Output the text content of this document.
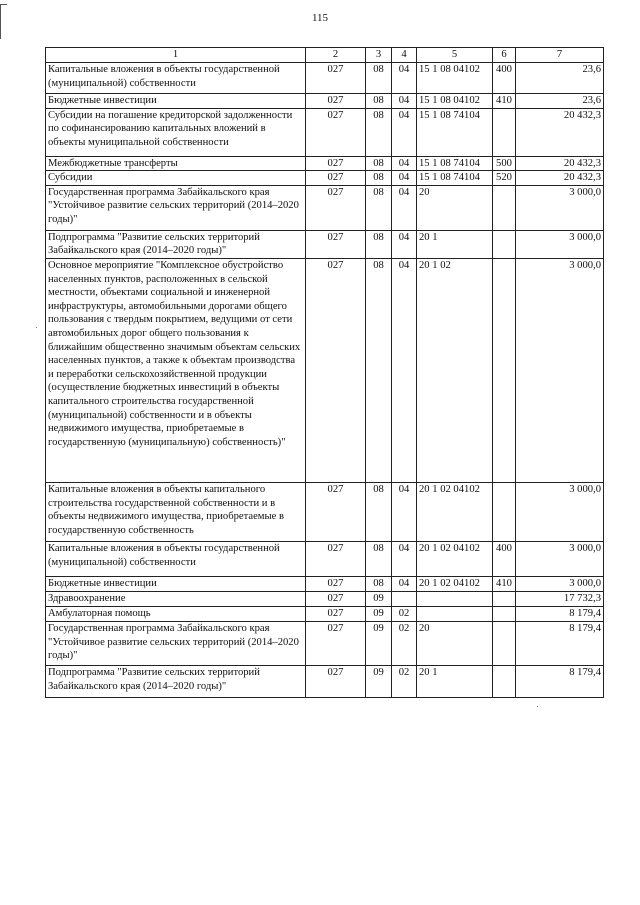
115
1	2	3	4	5	6	7
Капитальные вложения в объекты государственной (муниципальной) собственности	027	08	04	15 1 08 04102	400	23,6
Бюджетные инвестиции	027	08	04	15 1 08 04102	410	23,6
Субсидии на погашение кредиторской задолженности по софинансированию капитальных вложений в объекты муниципальной собственности	027	08	04	15 1 08 74104		20 432,3
Межбюджетные трансферты	027	08	04	15 1 08 74104	500	20 432,3
Субсидии	027	08	04	15 1 08 74104	520	20 432,3
Государственная программа Забайкальского края "Устойчивое развитие сельских территорий (2014–2020 годы)"	027	08	04	20		3 000,0
Подпрограмма "Развитие сельских территорий Забайкальского края (2014–2020 годы)"	027	08	04	20 1		3 000,0
Основное мероприятие "Комплексное обустройство населенных пунктов, расположенных в сельской местности, объектами социальной и инженерной инфраструктуры, автомобильными дорогами общего пользования с твердым покрытием, ведущими от сети автомобильных дорог общего пользования к ближайшим общественно значимым объектам сельских населенных пунктов, а также к объектам производства и переработки сельскохозяйственной продукции (осуществление бюджетных инвестиций в объекты капитального строительства государственной (муниципальной) собственности и в объекты недвижимого имущества, приобретаемые в государственную (муниципальную) собственность)"	027	08	04	20 1 02		3 000,0
Капитальные вложения в объекты капитального строительства государственной собственности и в объекты недвижимого имущества, приобретаемые в государственную собственность	027	08	04	20 1 02 04102		3 000,0
Капитальные вложения в объекты государственной (муниципальной) собственности	027	08	04	20 1 02 04102	400	3 000,0
Бюджетные инвестиции	027	08	04	20 1 02 04102	410	3 000,0
Здравоохранение	027	09				17 732,3
Амбулаторная помощь	027	09	02			8 179,4
Государственная программа Забайкальского края "Устойчивое развитие сельских территорий (2014–2020 годы)"	027	09	02	20		8 179,4
Подпрограмма "Развитие сельских территорий Забайкальского края (2014–2020 годы)"	027	09	02	20 1		8 179,4
